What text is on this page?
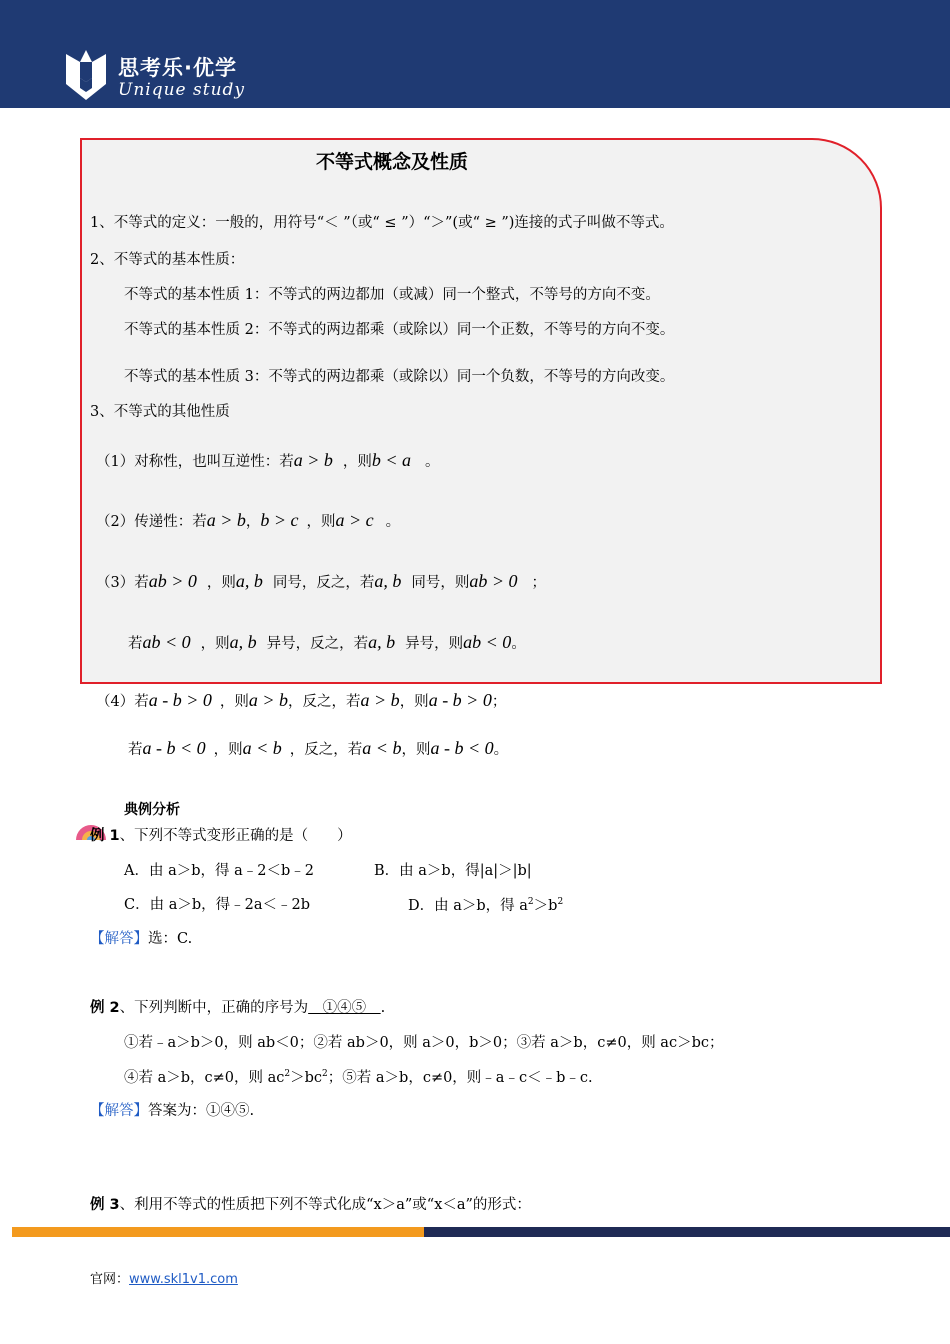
思考乐·优学
Unique study
不等式概念及性质
1、不等式的定义：一般的，用符号“＜ ”（或“ ≤ ”）“＞”(或“ ≥ ”)连接的式子叫做不等式。
2、不等式的基本性质：
不等式的基本性质 1：不等式的两边都加（或减）同一个整式，不等号的方向不变。
不等式的基本性质 2：不等式的两边都乘（或除以）同一个正数，不等号的方向不变。
不等式的基本性质 3：不等式的两边都乘（或除以）同一个负数，不等号的方向改变。
3、不等式的其他性质
（1）对称性，也叫互逆性：若a > b ，则b < a 。
（2）传递性：若a > b，b > c ，则a > c 。
（3）若ab > 0 ，则a, b 同号，反之，若a, b 同号，则ab > 0 ；
若ab < 0 ，则a, b 异号，反之，若a, b 异号，则ab < 0。
（4）若a - b > 0 ，则a > b，反之，若a > b，则a - b > 0；
若a - b < 0 ，则a < b ，反之，若a < b，则a - b < 0。
典例分析
例 1、下列不等式变形正确的是（　　）
A．由 a＞b，得 a﹣2＜b﹣2	B．由 a＞b，得|a|＞|b|
C．由 a＞b，得﹣2a＜﹣2b	D．由 a＞b，得 $a^2>b^2$
【解答】选：C.
例 2、下列判断中，正确的序号为　①④⑤　.
①若﹣a＞b＞0，则 ab＜0；②若 ab＞0，则 a＞0，b＞0；③若 a＞b，c≠0，则 ac＞bc；
④若 a＞b，c≠0，则 $ac^2>bc^2$；⑤若 a＞b，c≠0，则﹣a﹣c＜﹣b﹣c.
【解答】答案为：①④⑤.
例 3、利用不等式的性质把下列不等式化成“x＞a”或“x＜a”的形式：
官网：www.skl1v1.com
